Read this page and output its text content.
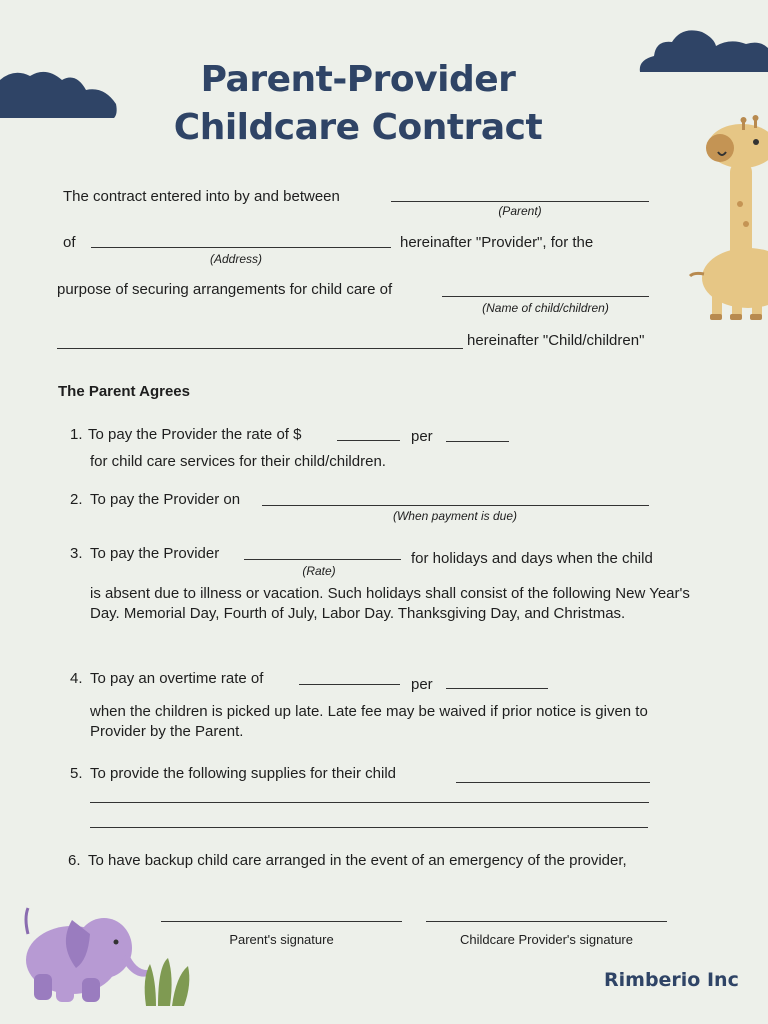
Parent-Provider
Childcare Contract
The contract entered into by and between
(Parent)
of
(Address)
hereinafter "Provider", for the
purpose of securing arrangements for child care of
(Name of child/children)
hereinafter "Child/children"
The Parent Agrees
1. To pay the Provider the rate of $	per
for child care services for their child/children.
2. To pay the Provider on
(When payment is due)
3. To pay the Provider
(Rate)
for holidays and days when the child
is absent due to illness or vacation. Such holidays shall consist of the following New Year's Day. Memorial Day, Fourth of July, Labor Day. Thanksgiving Day, and Christmas.
4. To pay an overtime rate of	per
when the children is picked up late. Late fee may be waived if prior notice is given to Provider by the Parent.
5. To provide the following supplies for their child
6. To have backup child care arranged in the event of an emergency of the provider,
Parent's signature	Childcare Provider's signature
Rimberio Inc
